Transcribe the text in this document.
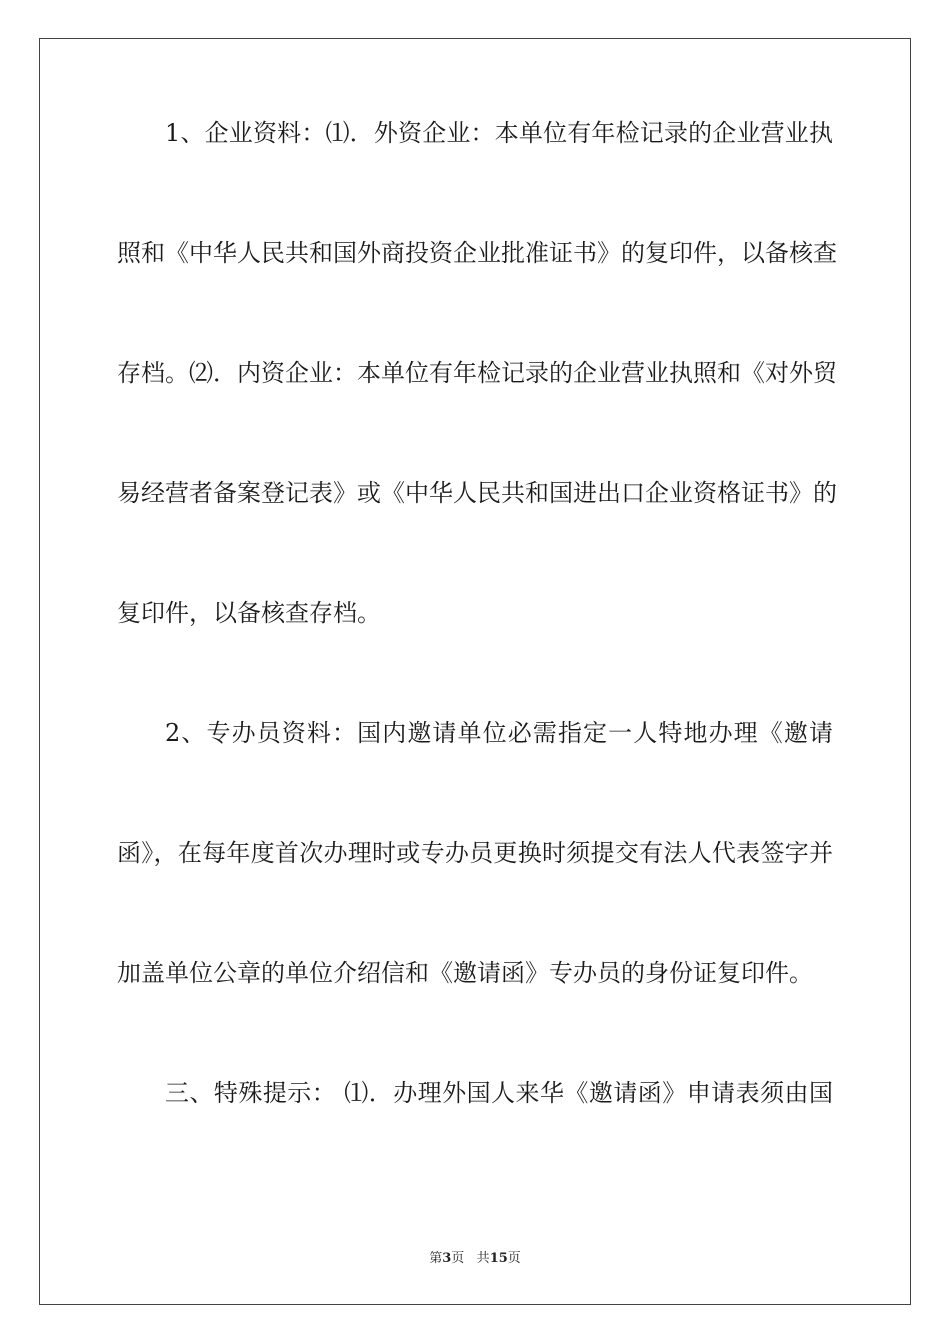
1、企业资料：⑴．外资企业：本单位有年检记录的企业营业执
照和《中华人民共和国外商投资企业批准证书》的复印件，以备核查
存档。⑵．内资企业：本单位有年检记录的企业营业执照和《对外贸
易经营者备案登记表》或《中华人民共和国进出口企业资格证书》的
复印件，以备核查存档。
2、专办员资料：国内邀请单位必需指定一人特地办理《邀请
函》，在每年度首次办理时或专办员更换时须提交有法人代表签字并
加盖单位公章的单位介绍信和《邀请函》专办员的身份证复印件。
三、特殊提示： ⑴．办理外国人来华《邀请函》申请表须由国
第3页 共15页
